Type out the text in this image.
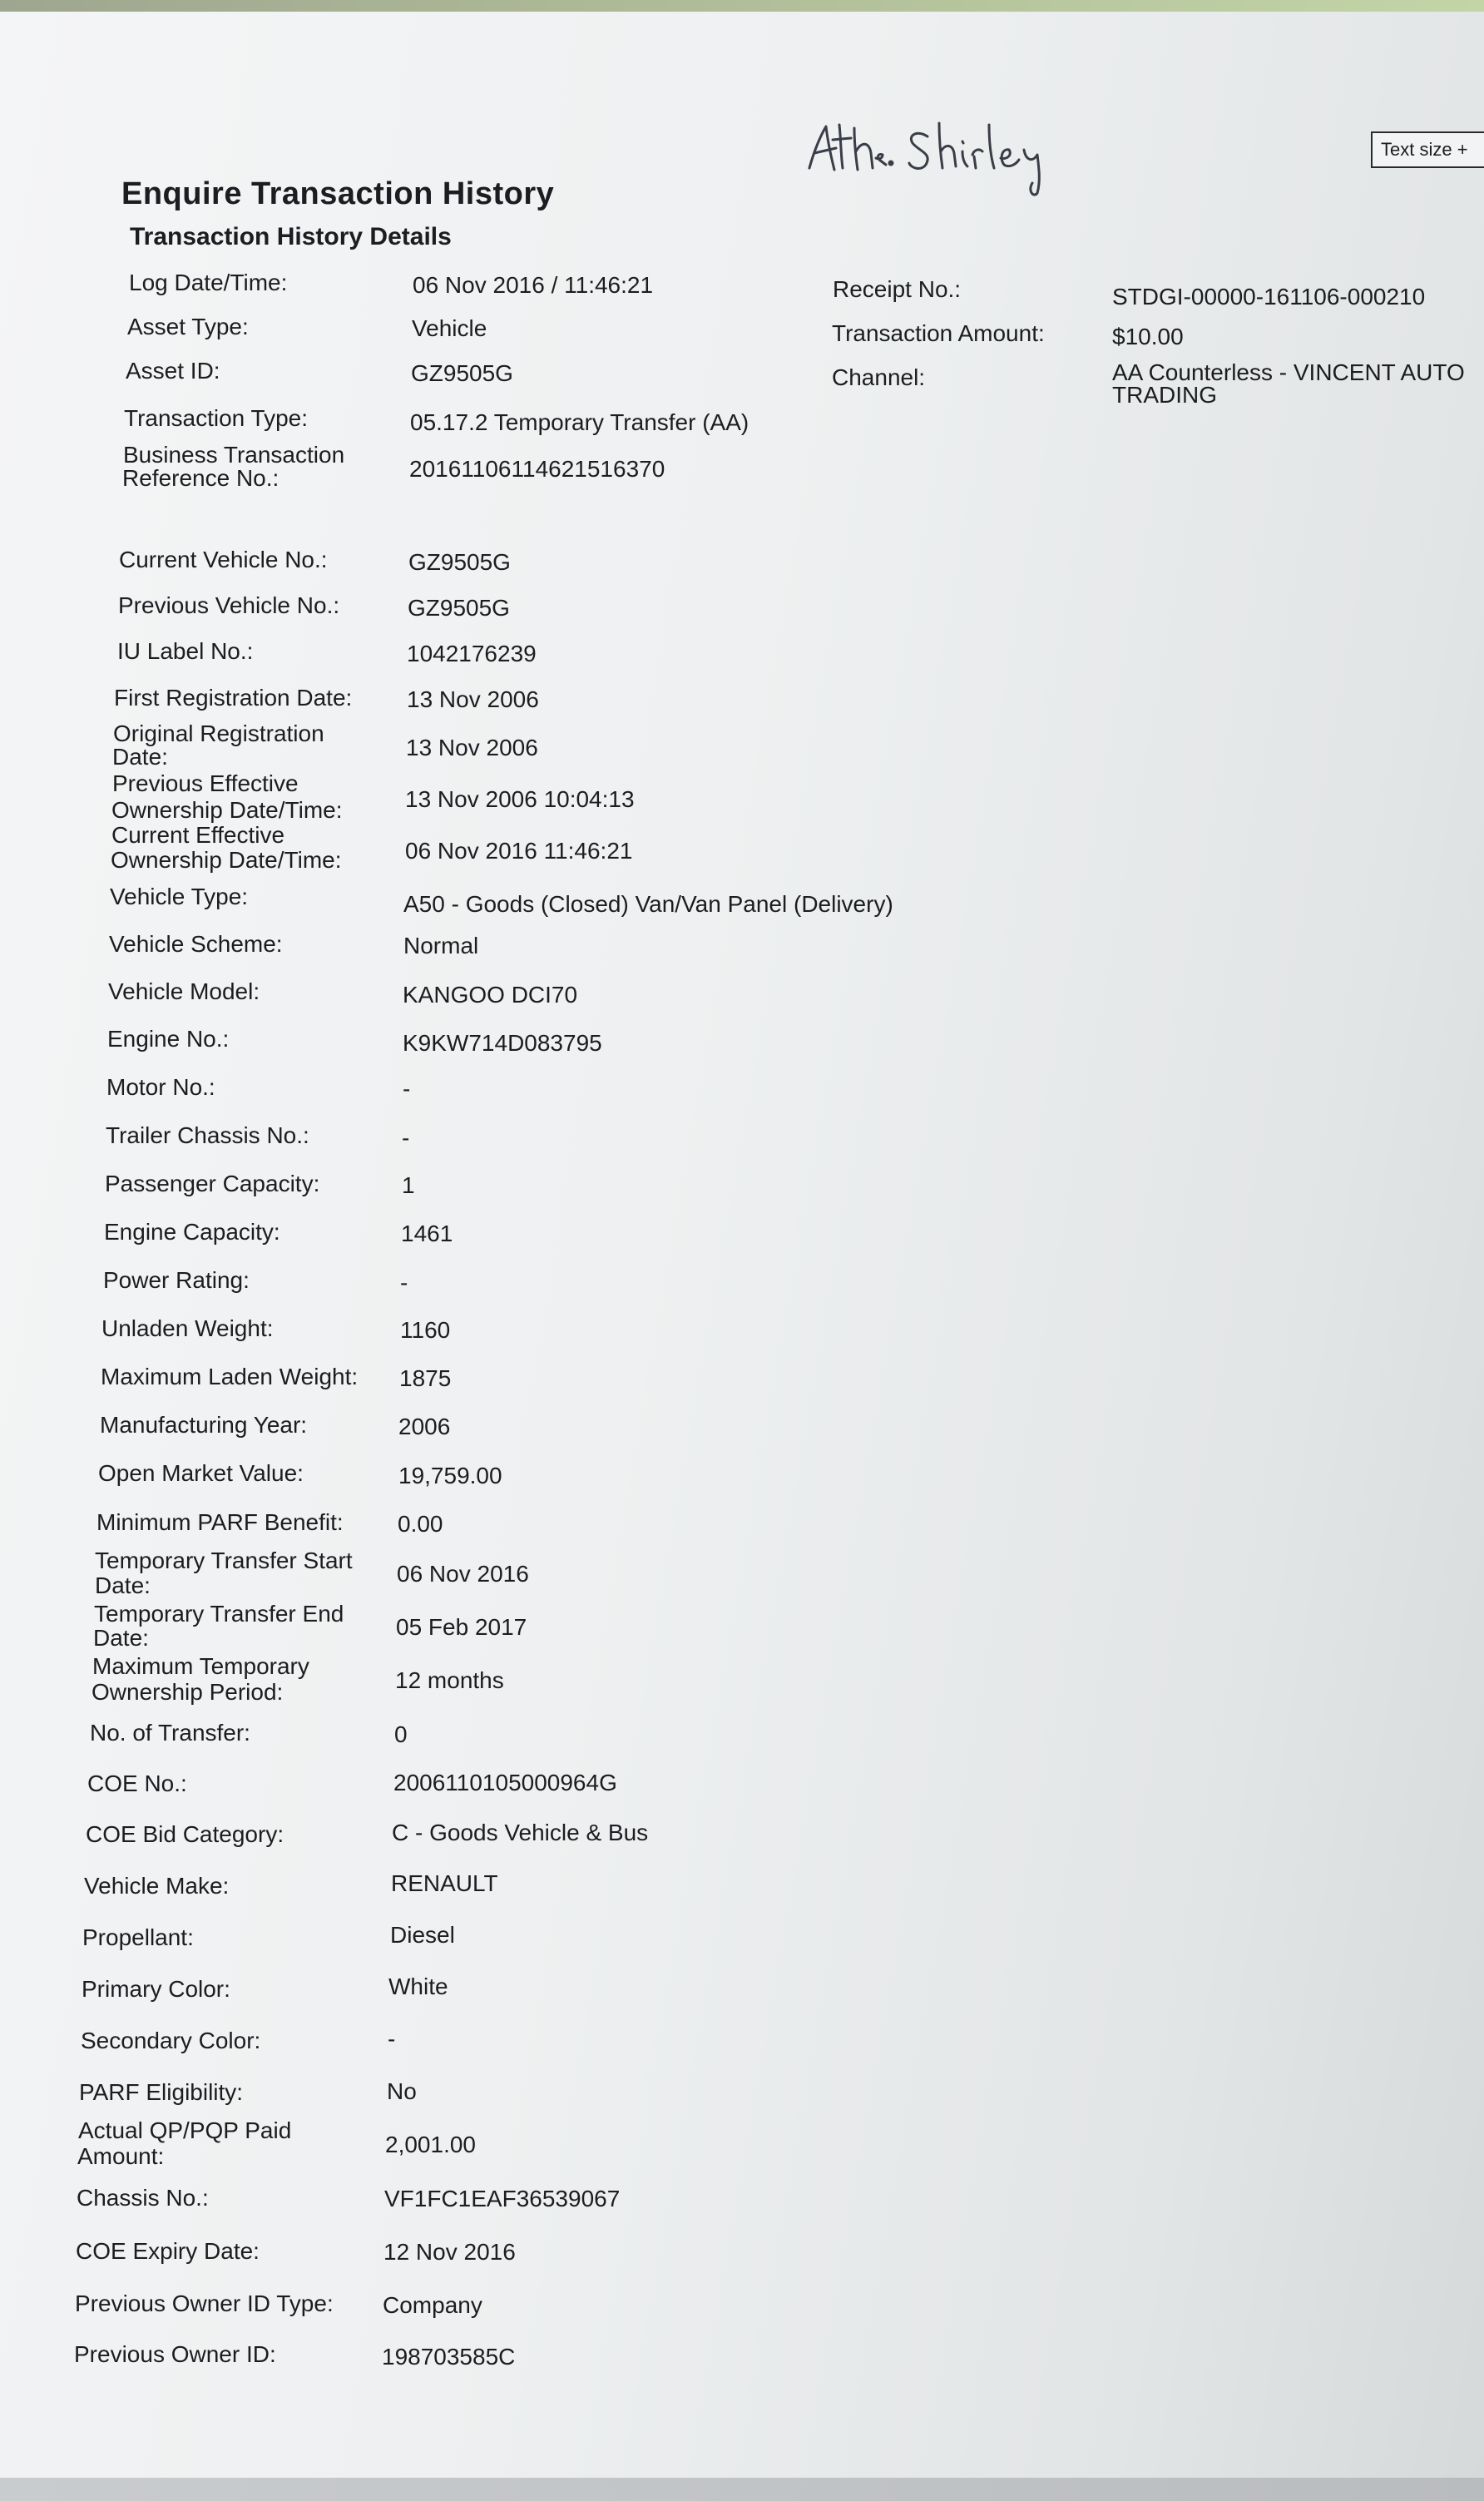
Text size +
Enquire Transaction History
Transaction History Details
Log Date/Time:	06 Nov 2016 / 11:46:21
Asset Type:	Vehicle
Asset ID:	GZ9505G
Transaction Type:	05.17.2 Temporary Transfer (AA)
Business Transaction
Reference No.:	20161106114621516370
Receipt No.:	STDGI-00000-161106-000210
Transaction Amount:	$10.00
Channel:	AA Counterless - VINCENT AUTO
TRADING
Current Vehicle No.:	GZ9505G
Previous Vehicle No.:	GZ9505G
IU Label No.:	1042176239
First Registration Date: 13 Nov 2006
Original Registration
Date:	13 Nov 2006
Previous Effective
Ownership Date/Time:	13 Nov 2006 10:04:13
Current Effective
Ownership Date/Time:	06 Nov 2016 11:46:21
Vehicle Type:	A50 - Goods (Closed) Van/Van Panel (Delivery)
Vehicle Scheme:	Normal
Vehicle Model:	KANGOO DCI70
Engine No.:	K9KW714D083795
Motor No.:	-
Trailer Chassis No.:	-
Passenger Capacity:	1
Engine Capacity:	1461
Power Rating:	-
Unladen Weight:	1160
Maximum Laden Weight: 1875
Manufacturing Year:	2006
Open Market Value:	19,759.00
Minimum PARF Benefit: 0.00
Temporary Transfer Start
Date:	06 Nov 2016
Temporary Transfer End
Date:	05 Feb 2017
Maximum Temporary
Ownership Period:	12 months
No. of Transfer:	0
COE No.:	2006110105000964G
COE Bid Category:	C - Goods Vehicle & Bus
Vehicle Make:	RENAULT
Propellant:	Diesel
Primary Color:	White
Secondary Color:	-
PARF Eligibility:	No
Actual QP/PQP Paid
Amount:	2,001.00
Chassis No.:	VF1FC1EAF36539067
COE Expiry Date:	12 Nov 2016
Previous Owner ID Type: Company
Previous Owner ID:	198703585C
